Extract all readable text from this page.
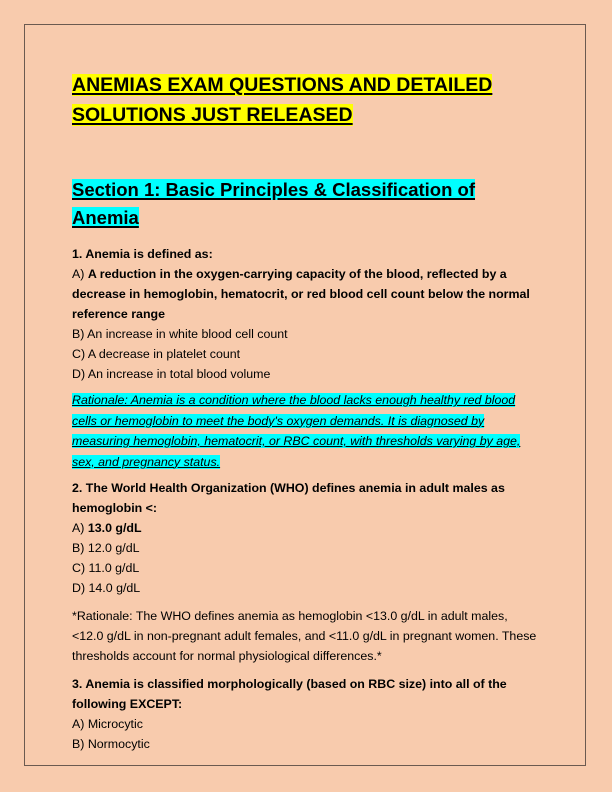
ANEMIAS EXAM QUESTIONS AND DETAILED SOLUTIONS JUST RELEASED
Section 1: Basic Principles & Classification of Anemia
1. Anemia is defined as:
A) A reduction in the oxygen-carrying capacity of the blood, reflected by a decrease in hemoglobin, hematocrit, or red blood cell count below the normal reference range
B) An increase in white blood cell count
C) A decrease in platelet count
D) An increase in total blood volume
Rationale: Anemia is a condition where the blood lacks enough healthy red blood cells or hemoglobin to meet the body's oxygen demands. It is diagnosed by measuring hemoglobin, hematocrit, or RBC count, with thresholds varying by age, sex, and pregnancy status.
2. The World Health Organization (WHO) defines anemia in adult males as hemoglobin <:
A) 13.0 g/dL
B) 12.0 g/dL
C) 11.0 g/dL
D) 14.0 g/dL
*Rationale: The WHO defines anemia as hemoglobin <13.0 g/dL in adult males, <12.0 g/dL in non-pregnant adult females, and <11.0 g/dL in pregnant women. These thresholds account for normal physiological differences.*
3. Anemia is classified morphologically (based on RBC size) into all of the following EXCEPT:
A) Microcytic
B) Normocytic
